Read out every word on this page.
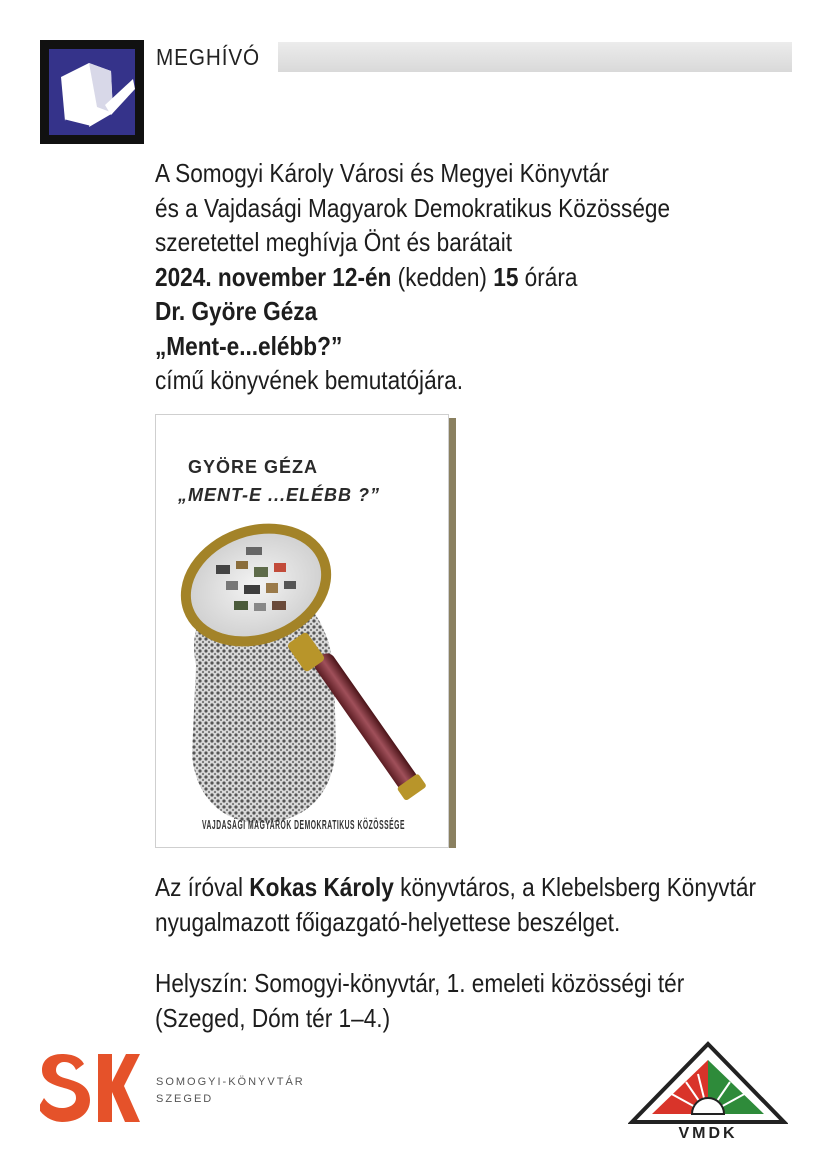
MEGHÍVÓ
A Somogyi Károly Városi és Megyei Könyvtár
és a Vajdasági Magyarok Demokratikus Közössége
szeretettel meghívja Önt és barátait
2024. november 12-én (kedden) 15 órára
Dr. Györe Géza
„Ment-e...elébb?”
című könyvének bemutatójára.
GYÖRE GÉZA
„MENT-E ...ELÉBB ?”
VAJDASÁGI MAGYAROK DEMOKRATIKUS KÖZÖSSÉGE
Az íróval Kokas Károly könyvtáros, a Klebelsberg Könyvtár
nyugalmazott főigazgató-helyettese beszélget.
Helyszín: Somogyi-könyvtár, 1. emeleti közösségi tér
(Szeged, Dóm tér 1–4.)
SOMOGYI-KÖNYVTÁR
SZEGED
VMDK
